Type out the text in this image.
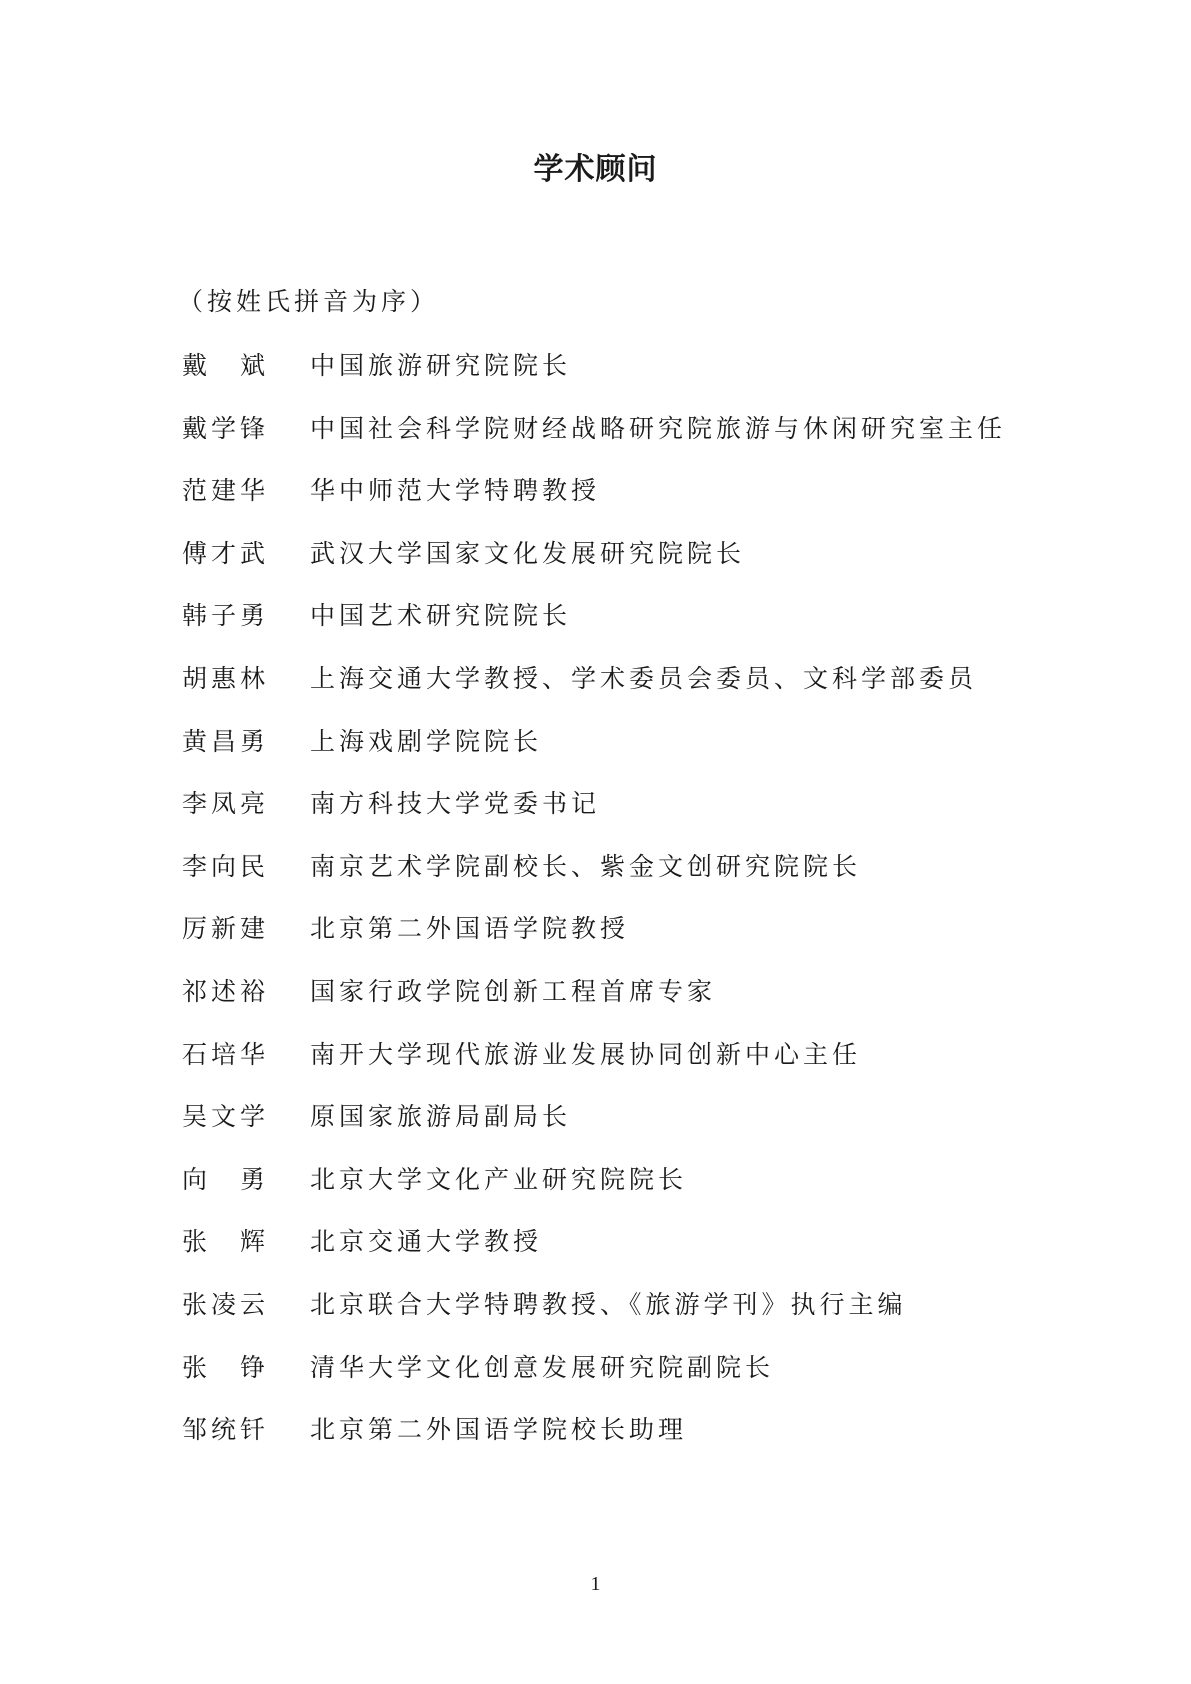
学术顾问
（按姓氏拼音为序）
戴　斌	中国旅游研究院院长
戴学锋	中国社会科学院财经战略研究院旅游与休闲研究室主任
范建华	华中师范大学特聘教授
傅才武	武汉大学国家文化发展研究院院长
韩子勇	中国艺术研究院院长
胡惠林	上海交通大学教授、学术委员会委员、文科学部委员
黄昌勇	上海戏剧学院院长
李凤亮	南方科技大学党委书记
李向民	南京艺术学院副校长、紫金文创研究院院长
厉新建	北京第二外国语学院教授
祁述裕	国家行政学院创新工程首席专家
石培华	南开大学现代旅游业发展协同创新中心主任
吴文学	原国家旅游局副局长
向　勇	北京大学文化产业研究院院长
张　辉	北京交通大学教授
张凌云	北京联合大学特聘教授、《旅游学刊》执行主编
张　铮	清华大学文化创意发展研究院副院长
邹统钎	北京第二外国语学院校长助理
1
